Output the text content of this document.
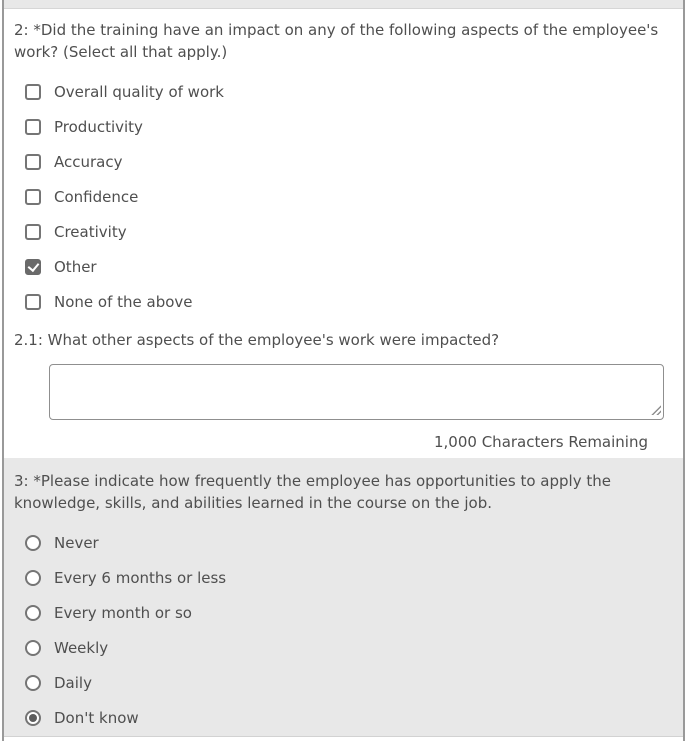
2: *Did the training have an impact on any of the following aspects of the employee's work? (Select all that apply.)
Overall quality of work
Productivity
Accuracy
Confidence
Creativity
Other
None of the above
2.1: What other aspects of the employee's work were impacted?
1,000 Characters Remaining
3: *Please indicate how frequently the employee has opportunities to apply the knowledge, skills, and abilities learned in the course on the job.
Never
Every 6 months or less
Every month or so
Weekly
Daily
Don't know
